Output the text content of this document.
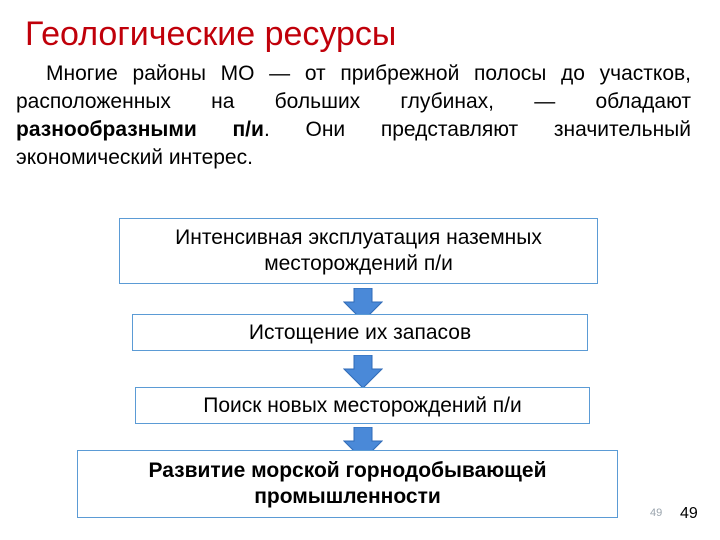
Геологические ресурсы
Многие районы МО — от прибрежной полосы до участков, расположенных на больших глубинах, — обладают разнообразными п/и. Они представляют значительный экономический интерес.
Интенсивная эксплуатация наземных месторождений п/и
Истощение их запасов
Поиск новых месторождений п/и
Развитие морской горнодобывающей промышленности
49 49
